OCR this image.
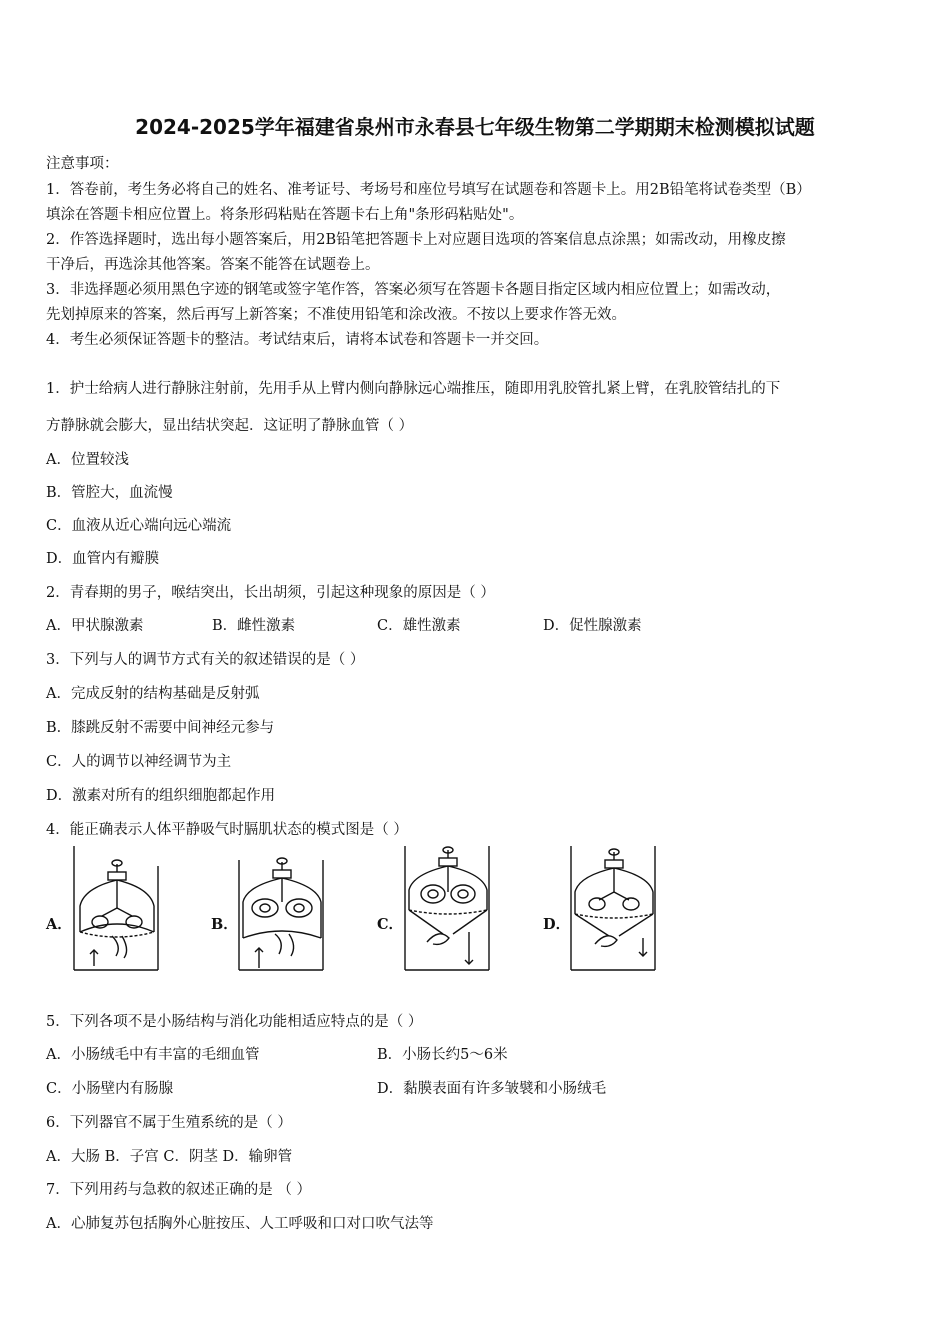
2024-2025学年福建省泉州市永春县七年级生物第二学期期末检测模拟试题
注意事项：
1．答卷前，考生务必将自己的姓名、准考证号、考场号和座位号填写在试题卷和答题卡上。用2B铅笔将试卷类型（B）
填涂在答题卡相应位置上。将条形码粘贴在答题卡右上角"条形码粘贴处"。
2．作答选择题时，选出每小题答案后，用2B铅笔把答题卡上对应题目选项的答案信息点涂黑；如需改动，用橡皮擦
干净后，再选涂其他答案。答案不能答在试题卷上。
3．非选择题必须用黑色字迹的钢笔或签字笔作答，答案必须写在答题卡各题目指定区域内相应位置上；如需改动，
先划掉原来的答案，然后再写上新答案；不准使用铅笔和涂改液。不按以上要求作答无效。
4．考生必须保证答题卡的整洁。考试结束后，请将本试卷和答题卡一并交回。
1．护士给病人进行静脉注射前，先用手从上臂内侧向静脉远心端推压，随即用乳胶管扎紧上臂，在乳胶管结扎的下
方静脉就会膨大，显出结状突起．这证明了静脉血管（ ）
A．位置较浅
B．管腔大，血流慢
C．血液从近心端向远心端流
D．血管内有瓣膜
2．青春期的男子，喉结突出，长出胡须，引起这种现象的原因是（ ）
A．甲状腺激素	B．雌性激素	C．雄性激素	D．促性腺激素
3．下列与人的调节方式有关的叙述错误的是（ ）
A．完成反射的结构基础是反射弧
B．膝跳反射不需要中间神经元参与
C．人的调节以神经调节为主
D．激素对所有的组织细胞都起作用
4．能正确表示人体平静吸气时膈肌状态的模式图是（ ）
A．	B．	C．	D．
5．下列各项不是小肠结构与消化功能相适应特点的是（ ）
A．小肠绒毛中有丰富的毛细血管	B．小肠长约5～6米
C．小肠壁内有肠腺	D．黏膜表面有许多皱襞和小肠绒毛
6．下列器官不属于生殖系统的是（ ）
A．大肠 B．子宫 C．阴茎 D．输卵管
7．下列用药与急救的叙述正确的是 （ ）
A．心肺复苏包括胸外心脏按压、人工呼吸和口对口吹气法等
